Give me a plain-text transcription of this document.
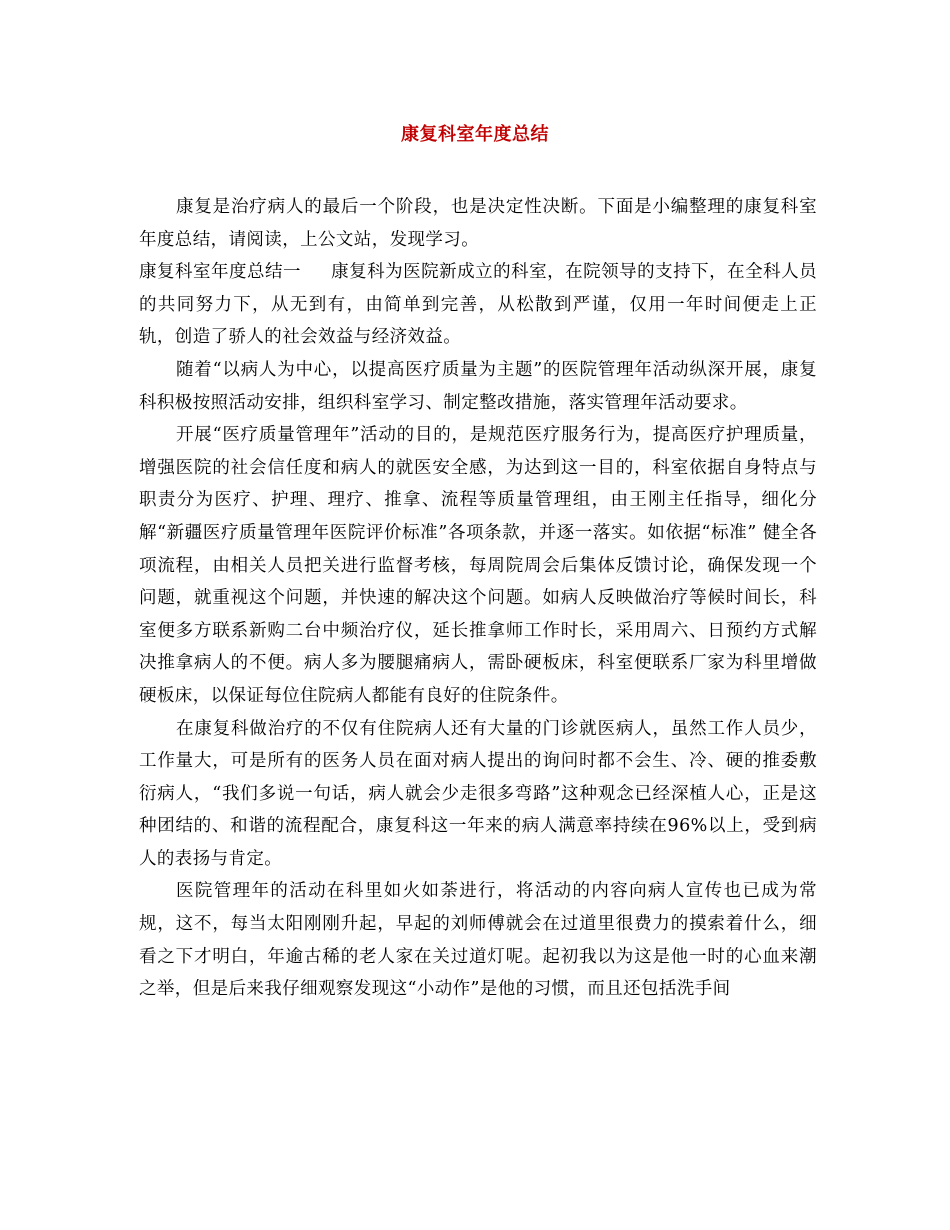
康复科室年度总结

康复是治疗病人的最后一个阶段，也是决定性决断。下面是小编整理的康复科室年度总结，请阅读，上公文站，发现学习。

康复科室年度总结一 康复科为医院新成立的科室，在院领导的支持下，在全科人员的共同努力下，从无到有，由简单到完善，从松散到严谨，仅用一年时间便走上正轨，创造了骄人的社会效益与经济效益。

随着“以病人为中心，以提高医疗质量为主题”的医院管理年活动纵深开展，康复科积极按照活动安排，组织科室学习、制定整改措施，落实管理年活动要求。

开展“医疗质量管理年”活动的目的，是规范医疗服务行为，提高医疗护理质量，增强医院的社会信任度和病人的就医安全感，为达到这一目的，科室依据自身特点与职责分为医疗、护理、理疗、推拿、流程等质量管理组，由王刚主任指导，细化分解“新疆医疗质量管理年医院评价标准”各项条款，并逐一落实。如依据“标准” 健全各项流程，由相关人员把关进行监督考核，每周院周会后集体反馈讨论，确保发现一个问题，就重视这个问题，并快速的解决这个问题。如病人反映做治疗等候时间长，科室便多方联系新购二台中频治疗仪，延长推拿师工作时长，采用周六、日预约方式解决推拿病人的不便。病人多为腰腿痛病人，需卧硬板床，科室便联系厂家为科里增做硬板床，以保证每位住院病人都能有良好的住院条件。

在康复科做治疗的不仅有住院病人还有大量的门诊就医病人，虽然工作人员少，工作量大，可是所有的医务人员在面对病人提出的询问时都不会生、冷、硬的推委敷衍病人，“我们多说一句话，病人就会少走很多弯路”这种观念已经深植人心，正是这种团结的、和谐的流程配合，康复科这一年来的病人满意率持续在96%以上，受到病人的表扬与肯定。

医院管理年的活动在科里如火如荼进行，将活动的内容向病人宣传也已成为常规，这不，每当太阳刚刚升起，早起的刘师傅就会在过道里很费力的摸索着什么，细看之下才明白，年逾古稀的老人家在关过道灯呢。起初我以为这是他一时的心血来潮之举，但是后来我仔细观察发现这“小动作”是他的习惯，而且还包括洗手间
